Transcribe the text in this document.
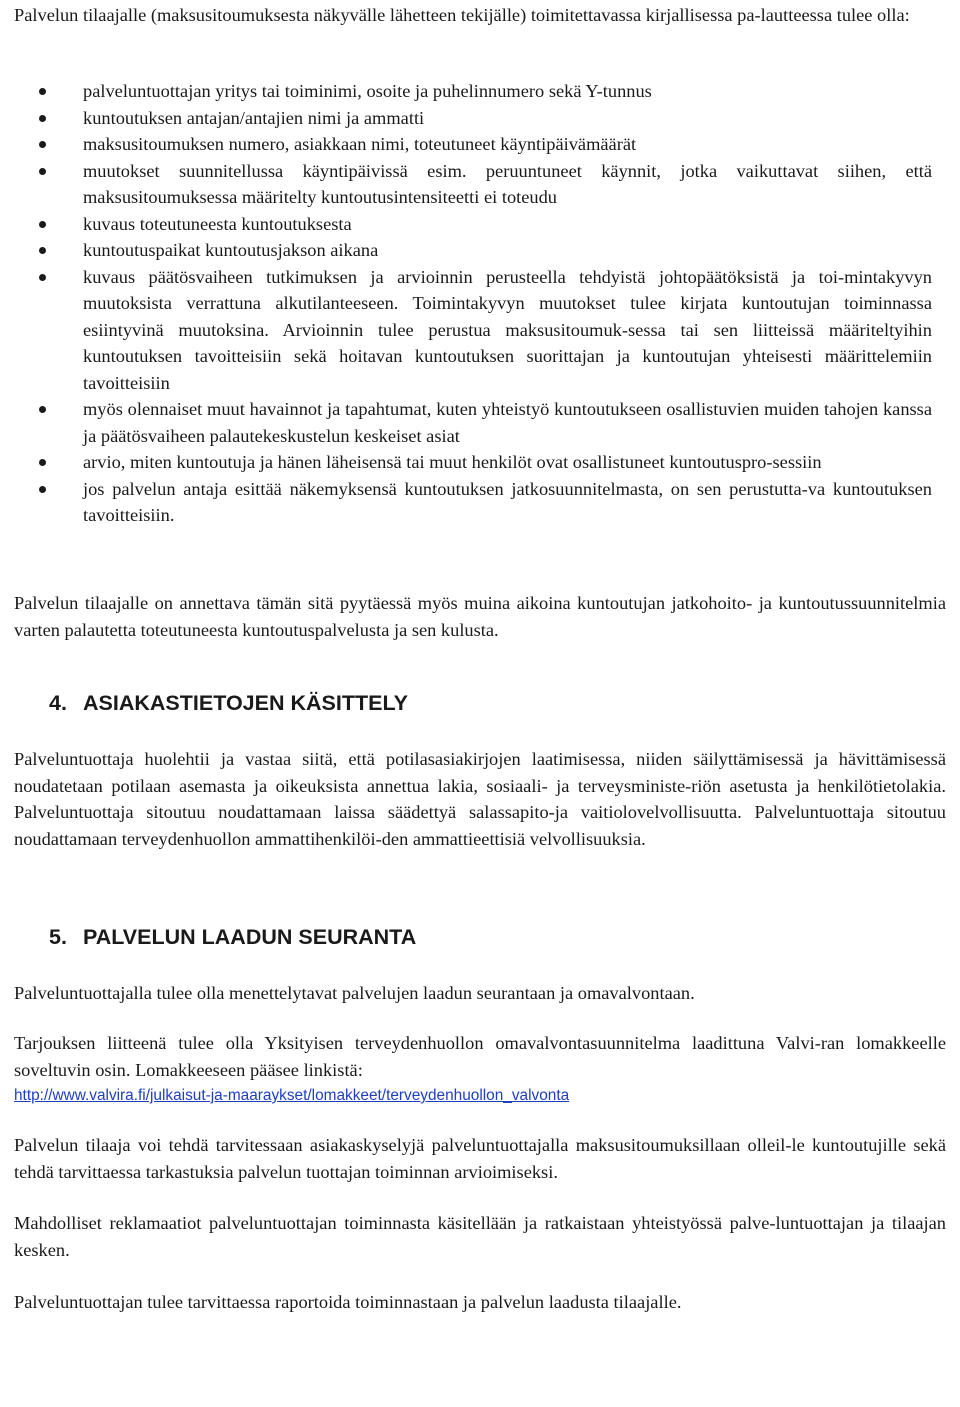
Palvelun tilaajalle (maksusitoumuksesta näkyvälle lähetteen tekijälle) toimitettavassa kirjallisessa pa-lautteessa tulee olla:

palveluntuottajan yritys tai toiminimi, osoite ja puhelinnumero sekä Y-tunnus
kuntoutuksen antajan/antajien nimi ja ammatti
maksusitoumuksen numero, asiakkaan nimi, toteutuneet käyntipäivämäärät
muutokset suunnitellussa käyntipäivissä esim. peruuntuneet käynnit, jotka vaikuttavat siihen, että maksusitoumuksessa määritelty kuntoutusintensiteetti ei toteudu
kuvaus toteutuneesta kuntoutuksesta
kuntoutuspaikat kuntoutusjakson aikana
kuvaus päätösvaiheen tutkimuksen ja arvioinnin perusteella tehdyistä johtopäätöksistä ja toi-mintakyvyn muutoksista verrattuna alkutilanteeseen. Toimintakyvyn muutokset tulee kirjata kuntoutujan toiminnassa esiintyvinä muutoksina. Arvioinnin tulee perustua maksusitoumuk-sessa tai sen liitteissä määriteltyihin kuntoutuksen tavoitteisiin sekä hoitavan kuntoutuksen suorittajan ja kuntoutujan yhteisesti määrittelemiin tavoitteisiin
myös olennaiset muut havainnot ja tapahtumat, kuten yhteistyö kuntoutukseen osallistuvien muiden tahojen kanssa ja päätösvaiheen palautekeskustelun keskeiset asiat
arvio, miten kuntoutuja ja hänen läheisensä tai muut henkilöt ovat osallistuneet kuntoutuspro-sessiin
jos palvelun antaja esittää näkemyksensä kuntoutuksen jatkosuunnitelmasta, on sen perustutta-va kuntoutuksen tavoitteisiin.

Palvelun tilaajalle on annettava tämän sitä pyytäessä myös muina aikoina kuntoutujan jatkohoito- ja kuntoutussuunnitelmia varten palautetta toteutuneesta kuntoutuspalvelusta ja sen kulusta.

4. ASIAKASTIETOJEN KÄSITTELY

Palveluntuottaja huolehtii ja vastaa siitä, että potilasasiakirjojen laatimisessa, niiden säilyttämisessä ja hävittämisessä noudatetaan potilaan asemasta ja oikeuksista annettua lakia, sosiaali- ja terveysministe-riön asetusta ja henkilötietolakia. Palveluntuottaja sitoutuu noudattamaan laissa säädettyä salassapito-ja vaitiolovelvollisuutta. Palveluntuottaja sitoutuu noudattamaan terveydenhuollon ammattihenkilöi-den ammattieettisiä velvollisuuksia.

5. PALVELUN LAADUN SEURANTA

Palveluntuottajalla tulee olla menettelytavat palvelujen laadun seurantaan ja omavalvontaan.

Tarjouksen liitteenä tulee olla Yksityisen terveydenhuollon omavalvontasuunnitelma laadittuna Valvi-ran lomakkeelle soveltuvin osin. Lomakkeeseen pääsee linkistä:

http://www.valvira.fi/julkaisut-ja-maaraykset/lomakkeet/terveydenhuollon_valvonta

Palvelun tilaaja voi tehdä tarvitessaan asiakaskyselyjä palveluntuottajalla maksusitoumuksillaan olleil-le kuntoutujille sekä tehdä tarvittaessa tarkastuksia palvelun tuottajan toiminnan arvioimiseksi.

Mahdolliset reklamaatiot palveluntuottajan toiminnasta käsitellään ja ratkaistaan yhteistyössä palve-luntuottajan ja tilaajan kesken.

Palveluntuottajan tulee tarvittaessa raportoida toiminnastaan ja palvelun laadusta tilaajalle.
